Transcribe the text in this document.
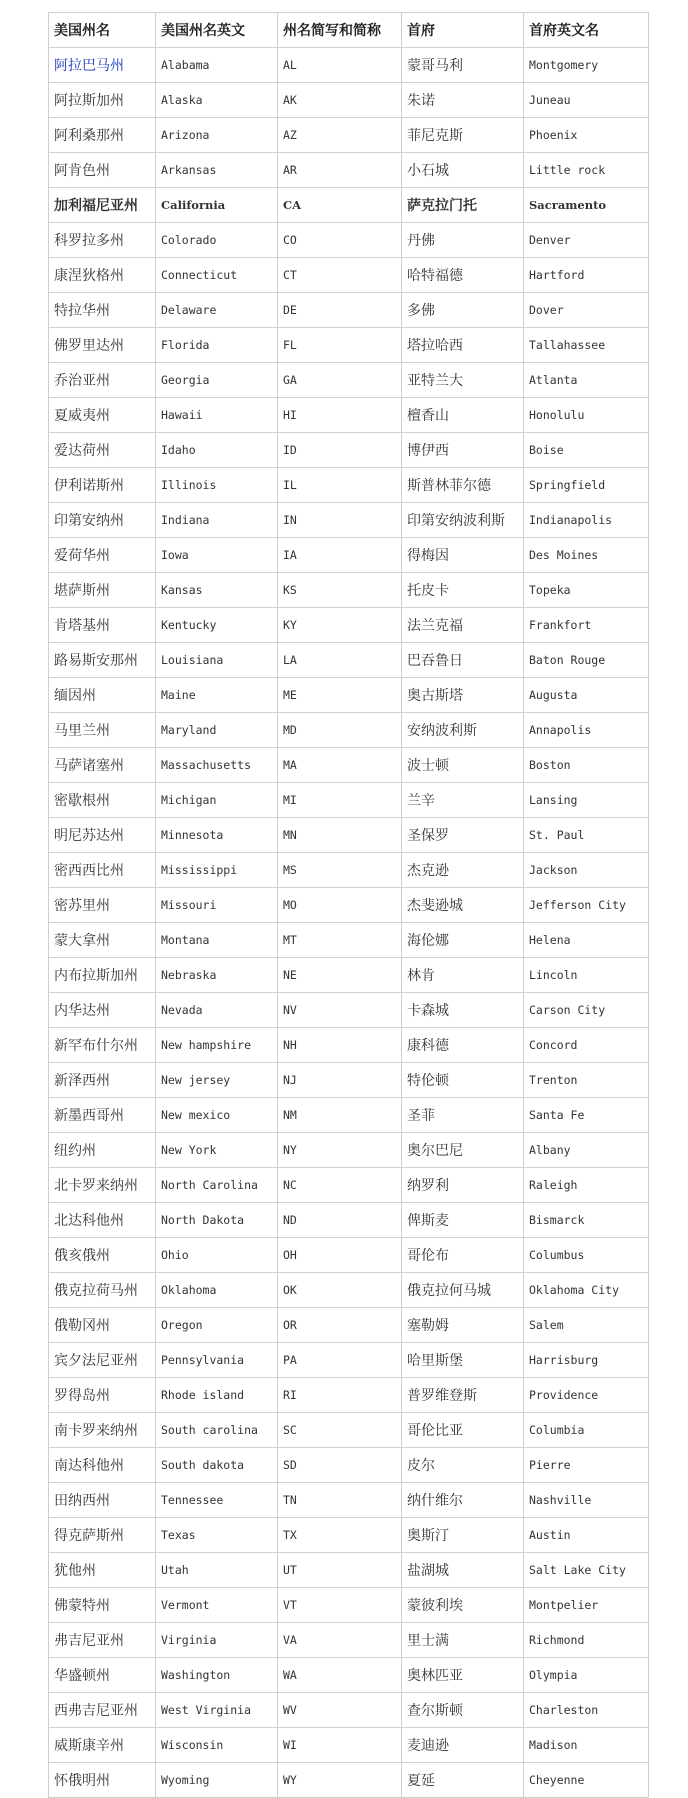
美国州名	美国州名英文	州名简写和简称	首府	首府英文名
阿拉巴马州	Alabama	AL	蒙哥马利	Montgomery
阿拉斯加州	Alaska	AK	朱诺	Juneau
阿利桑那州	Arizona	AZ	菲尼克斯	Phoenix
阿肯色州	Arkansas	AR	小石城	Little rock
加利福尼亚州	California	CA	萨克拉门托	Sacramento
科罗拉多州	Colorado	CO	丹佛	Denver
康涅狄格州	Connecticut	CT	哈特福德	Hartford
特拉华州	Delaware	DE	多佛	Dover
佛罗里达州	Florida	FL	塔拉哈西	Tallahassee
乔治亚州	Georgia	GA	亚特兰大	Atlanta
夏威夷州	Hawaii	HI	檀香山	Honolulu
爱达荷州	Idaho	ID	博伊西	Boise
伊利诺斯州	Illinois	IL	斯普林菲尔德	Springfield
印第安纳州	Indiana	IN	印第安纳波利斯	Indianapolis
爱荷华州	Iowa	IA	得梅因	Des Moines
堪萨斯州	Kansas	KS	托皮卡	Topeka
肯塔基州	Kentucky	KY	法兰克福	Frankfort
路易斯安那州	Louisiana	LA	巴吞鲁日	Baton Rouge
缅因州	Maine	ME	奥古斯塔	Augusta
马里兰州	Maryland	MD	安纳波利斯	Annapolis
马萨诸塞州	Massachusetts	MA	波士顿	Boston
密歇根州	Michigan	MI	兰辛	Lansing
明尼苏达州	Minnesota	MN	圣保罗	St. Paul
密西西比州	Mississippi	MS	杰克逊	Jackson
密苏里州	Missouri	MO	杰斐逊城	Jefferson City
蒙大拿州	Montana	MT	海伦娜	Helena
内布拉斯加州	Nebraska	NE	林肯	Lincoln
内华达州	Nevada	NV	卡森城	Carson City
新罕布什尔州	New hampshire	NH	康科德	Concord
新泽西州	New jersey	NJ	特伦顿	Trenton
新墨西哥州	New mexico	NM	圣菲	Santa Fe
纽约州	New York	NY	奥尔巴尼	Albany
北卡罗来纳州	North Carolina	NC	纳罗利	Raleigh
北达科他州	North Dakota	ND	俾斯麦	Bismarck
俄亥俄州	Ohio	OH	哥伦布	Columbus
俄克拉荷马州	Oklahoma	OK	俄克拉何马城	Oklahoma City
俄勒冈州	Oregon	OR	塞勒姆	Salem
宾夕法尼亚州	Pennsylvania	PA	哈里斯堡	Harrisburg
罗得岛州	Rhode island	RI	普罗维登斯	Providence
南卡罗来纳州	South carolina	SC	哥伦比亚	Columbia
南达科他州	South dakota	SD	皮尔	Pierre
田纳西州	Tennessee	TN	纳什维尔	Nashville
得克萨斯州	Texas	TX	奥斯汀	Austin
犹他州	Utah	UT	盐湖城	Salt Lake City
佛蒙特州	Vermont	VT	蒙彼利埃	Montpelier
弗吉尼亚州	Virginia	VA	里士满	Richmond
华盛顿州	Washington	WA	奥林匹亚	Olympia
西弗吉尼亚州	West Virginia	WV	查尔斯顿	Charleston
威斯康辛州	Wisconsin	WI	麦迪逊	Madison
怀俄明州	Wyoming	WY	夏延	Cheyenne
